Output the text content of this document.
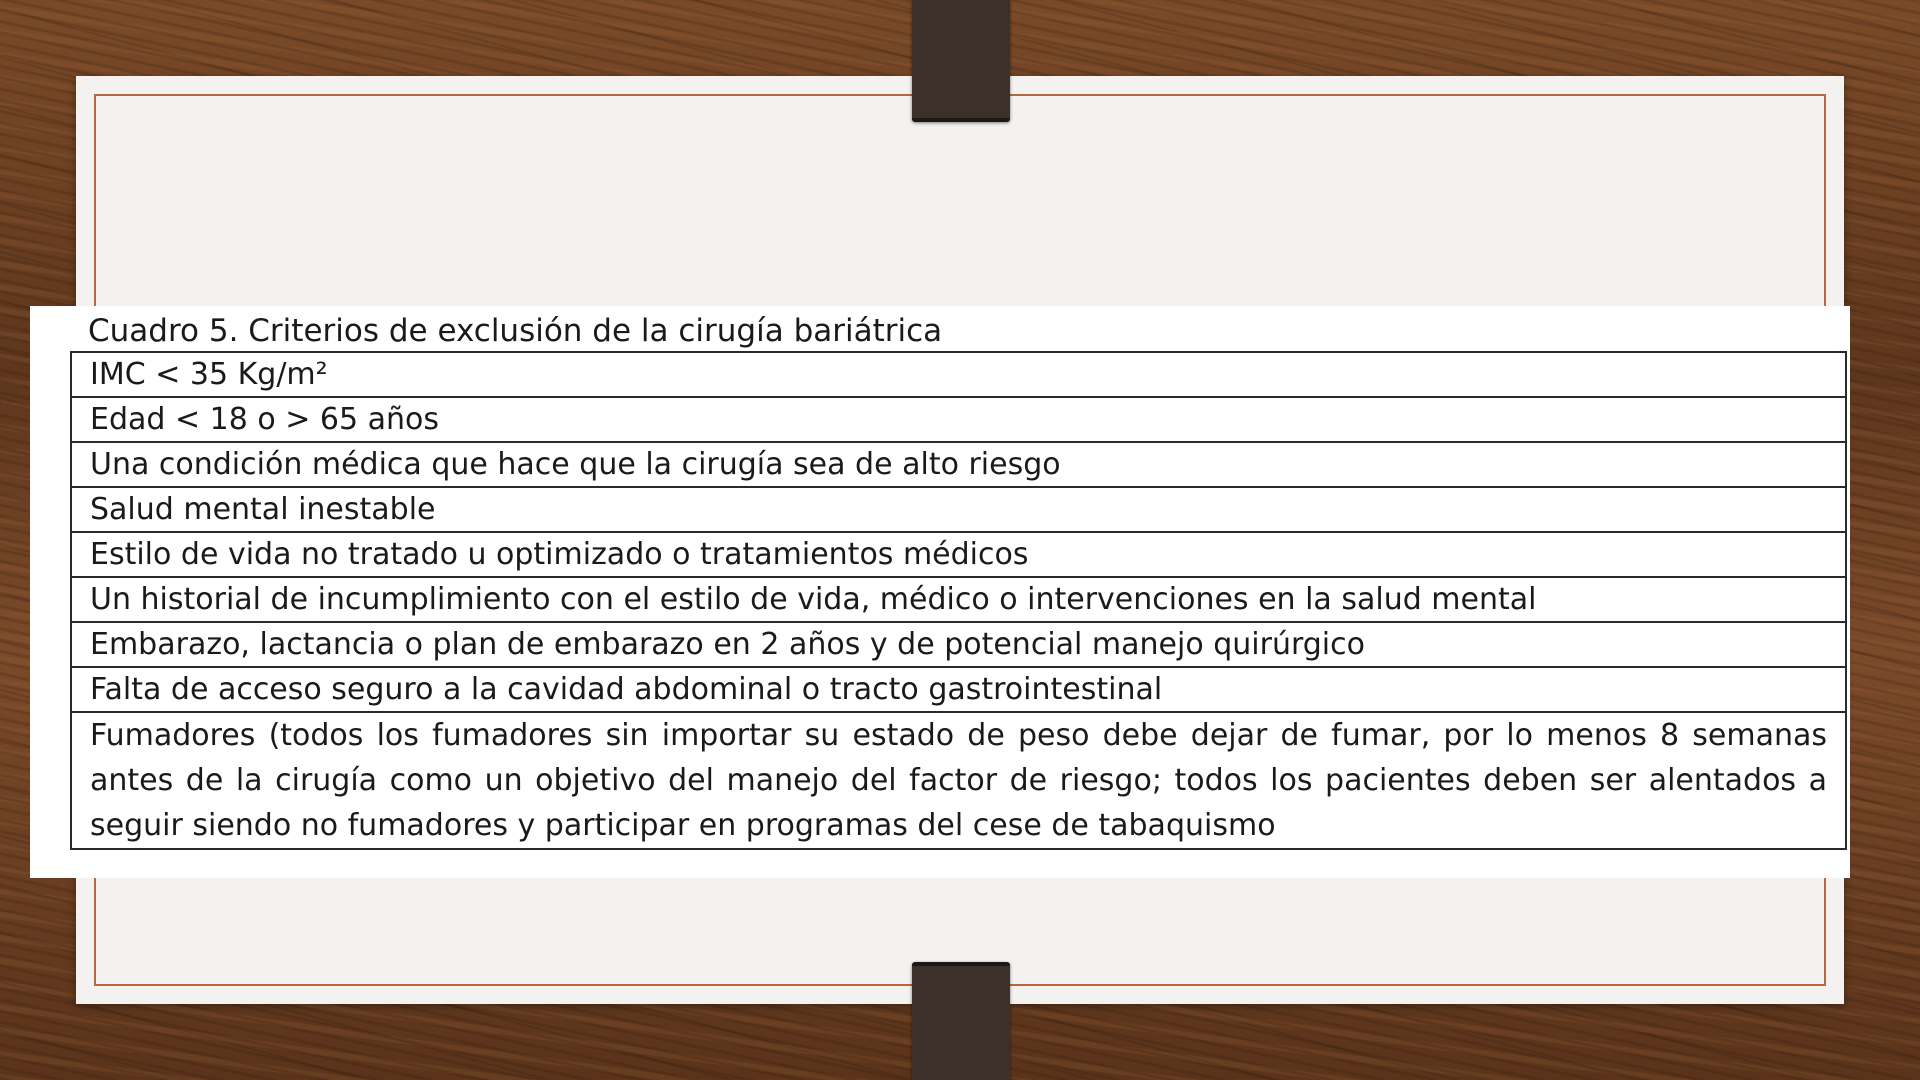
Cuadro 5. Criterios de exclusión de la cirugía bariátrica
IMC < 35 Kg/m²
Edad < 18 o > 65 años
Una condición médica que hace que la cirugía sea de alto riesgo
Salud mental inestable
Estilo de vida no tratado u optimizado o tratamientos médicos
Un historial de incumplimiento con el estilo de vida, médico o intervenciones en la salud mental
Embarazo, lactancia o plan de embarazo en 2 años y de potencial manejo quirúrgico
Falta de acceso seguro a la cavidad abdominal o tracto gastrointestinal
Fumadores (todos los fumadores sin importar su estado de peso debe dejar de fumar, por lo menos 8 semanas antes de la cirugía como un objetivo del manejo del factor de riesgo; todos los pacientes deben ser alentados a seguir siendo no fumadores y participar en programas del cese de tabaquismo
